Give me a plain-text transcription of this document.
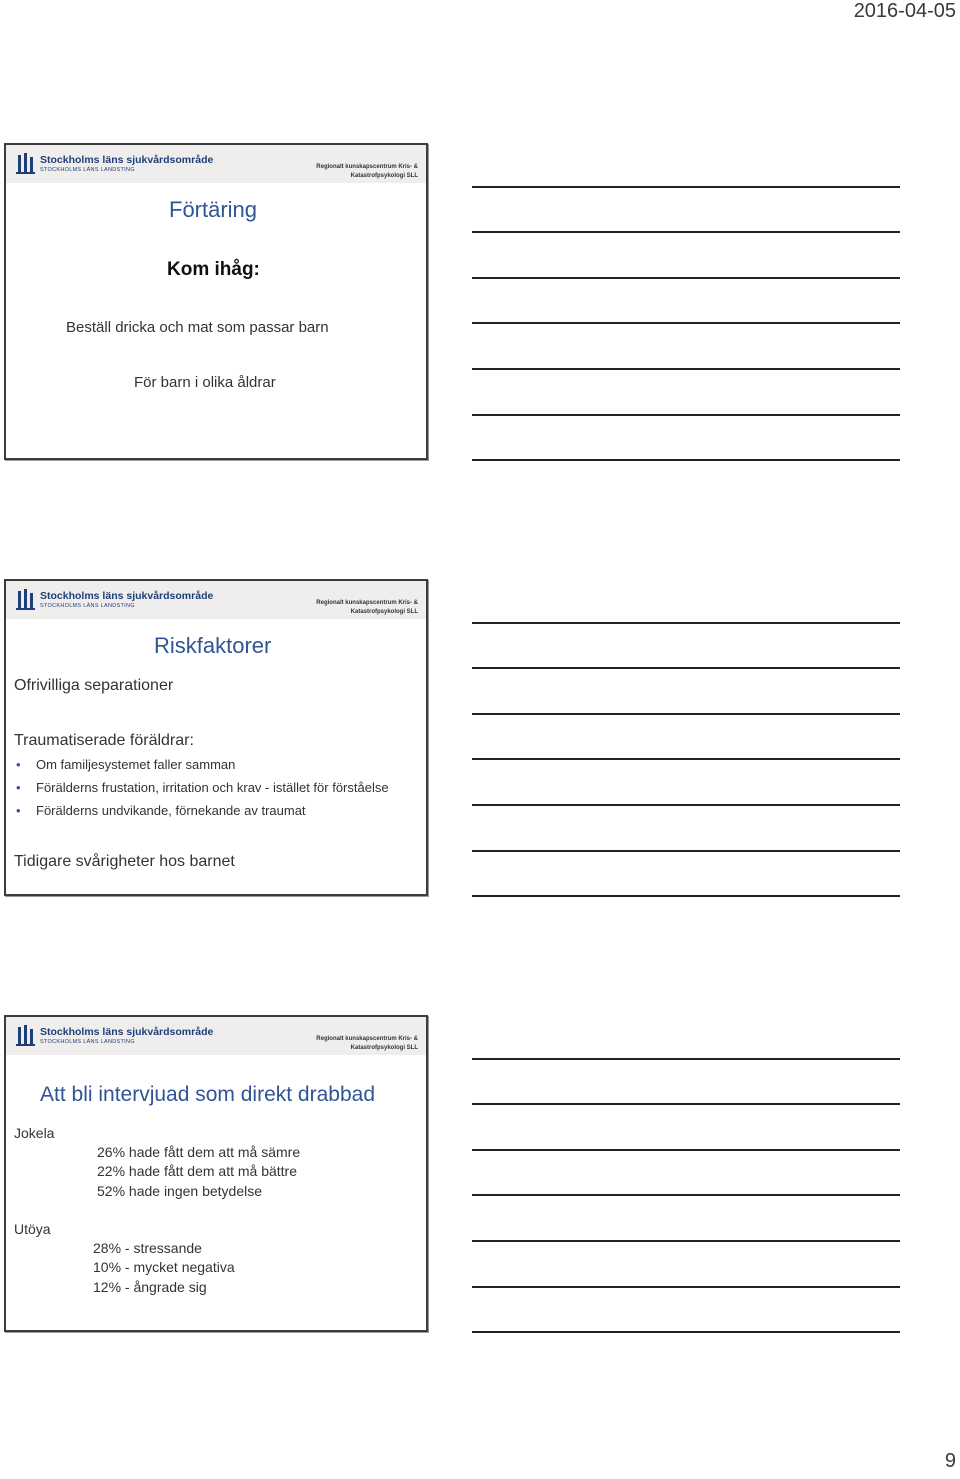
2016-04-05
Stockholms läns sjukvårdsområde
STOCKHOLMS LÄNS LANDSTING	Regionalt kunskapscentrum Kris- &
Katastrofpsykologi SLL
Förtäring
Kom ihåg:
Beställ dricka och mat som passar barn
För barn i olika åldrar
Stockholms läns sjukvårdsområde
STOCKHOLMS LÄNS LANDSTING	Regionalt kunskapscentrum Kris- &
Katastrofpsykologi SLL
Riskfaktorer
Ofrivilliga separationer
Traumatiserade föräldrar:
• Om familjesystemet faller samman
• Förälderns frustation, irritation och krav - istället för förståelse
• Förälderns undvikande, förnekande av traumat
Tidigare svårigheter hos barnet
Stockholms läns sjukvårdsområde
STOCKHOLMS LÄNS LANDSTING	Regionalt kunskapscentrum Kris- &
Katastrofpsykologi SLL
Att bli intervjuad som direkt drabbad
Jokela
26% hade fått dem att må sämre
22% hade fått dem att må bättre
52% hade ingen betydelse
Utöya
28% - stressande
10% - mycket negativa
12% - ångrade sig
9
